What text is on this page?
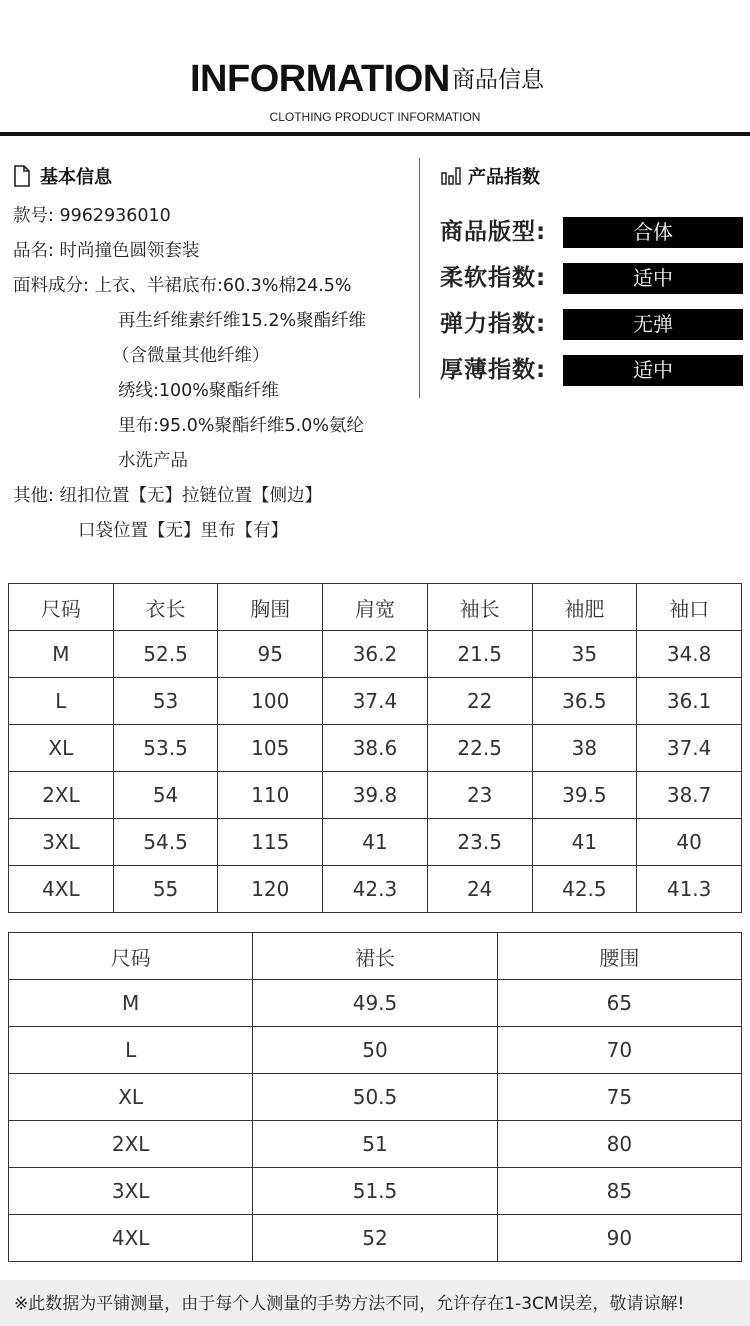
INFORMATION 商品信息
CLOTHING PRODUCT INFORMATION
基本信息
款号: 9962936010
品名: 时尚撞色圆领套装
面料成分: 上衣、半裙底布:60.3%棉24.5%
再生纤维素纤维15.2%聚酯纤维
（含微量其他纤维）
绣线:100%聚酯纤维
里布:95.0%聚酯纤维5.0%氨纶
水洗产品
其他: 纽扣位置【无】拉链位置【侧边】
口袋位置【无】里布【有】
产品指数
商品版型:	合体
柔软指数:	适中
弹力指数:	无弹
厚薄指数:	适中
尺码	衣长	胸围	肩宽	袖长	袖肥	袖口
M	52.5	95	36.2	21.5	35	34.8
L	53	100	37.4	22	36.5	36.1
XL	53.5	105	38.6	22.5	38	37.4
2XL	54	110	39.8	23	39.5	38.7
3XL	54.5	115	41	23.5	41	40
4XL	55	120	42.3	24	42.5	41.3
尺码	裙长	腰围
M	49.5	65
L	50	70
XL	50.5	75
2XL	51	80
3XL	51.5	85
4XL	52	90
※此数据为平铺测量，由于每个人测量的手势方法不同，允许存在1-3CM误差，敬请谅解!
